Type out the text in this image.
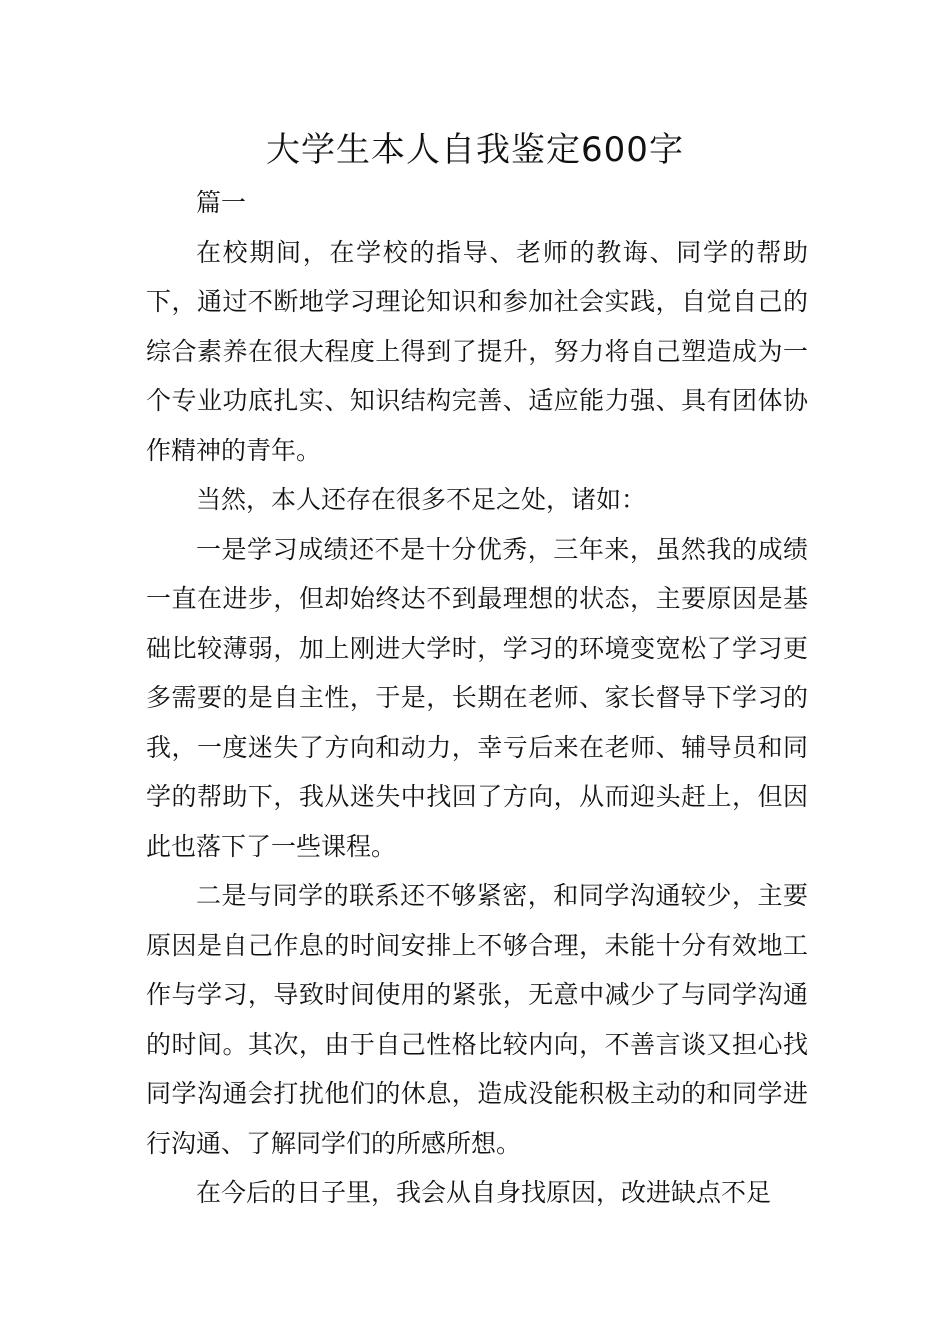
大学生本人自我鉴定600字

篇一

在校期间，在学校的指导、老师的教诲、同学的帮助下，通过不断地学习理论知识和参加社会实践，自觉自己的综合素养在很大程度上得到了提升，努力将自己塑造成为一个专业功底扎实、知识结构完善、适应能力强、具有团体协作精神的青年。

当然，本人还存在很多不足之处，诸如：

一是学习成绩还不是十分优秀，三年来，虽然我的成绩一直在进步，但却始终达不到最理想的状态，主要原因是基础比较薄弱，加上刚进大学时，学习的环境变宽松了学习更多需要的是自主性，于是，长期在老师、家长督导下学习的我，一度迷失了方向和动力，幸亏后来在老师、辅导员和同学的帮助下，我从迷失中找回了方向，从而迎头赶上，但因此也落下了一些课程。

二是与同学的联系还不够紧密，和同学沟通较少，主要原因是自己作息的时间安排上不够合理，未能十分有效地工作与学习，导致时间使用的紧张，无意中减少了与同学沟通的时间。其次，由于自己性格比较内向，不善言谈又担心找同学沟通会打扰他们的休息，造成没能积极主动的和同学进行沟通、了解同学们的所感所想。

在今后的日子里，我会从自身找原因，改进缺点不足
